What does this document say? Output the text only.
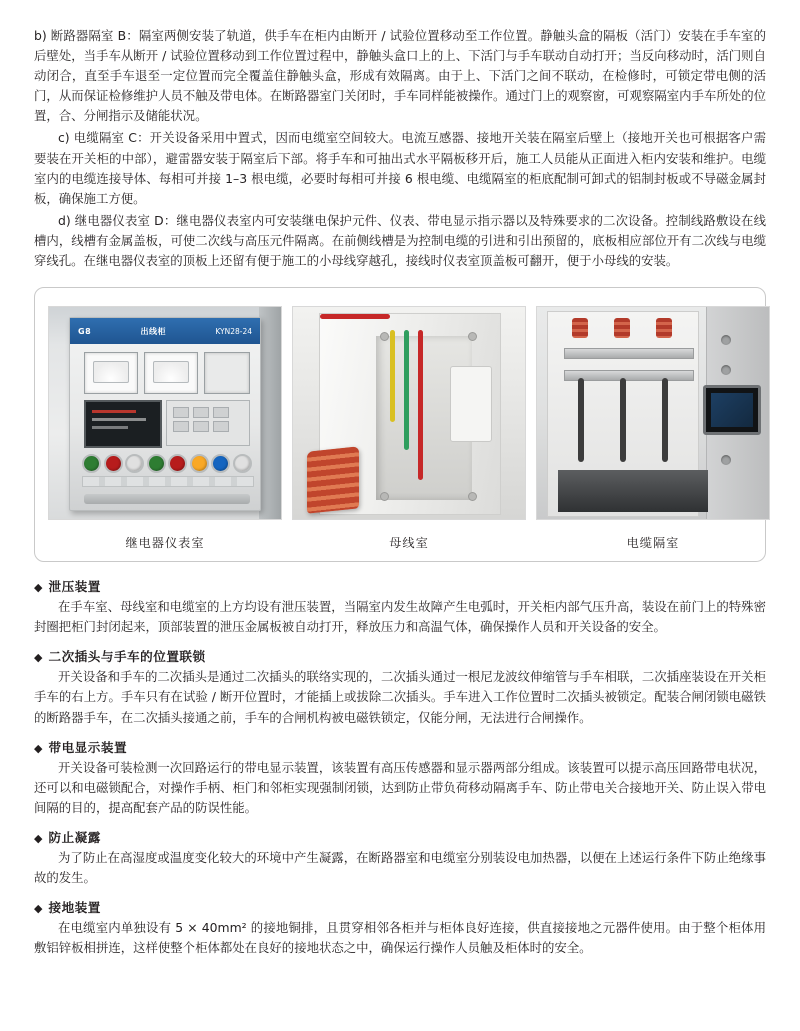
b) 断路器隔室 B：隔室两侧安装了轨道，供手车在柜内由断开 / 试验位置移动至工作位置。静触头盒的隔板（活门）安装在手车室的后壁处，当手车从断开 / 试验位置移动到工作位置过程中，静触头盒口上的上、下活门与手车联动自动打开；当反向移动时，活门则自动闭合，直至手车退至一定位置而完全覆盖住静触头盒，形成有效隔离。由于上、下活门之间不联动，在检修时，可锁定带电侧的活门，从而保证检修维护人员不触及带电体。在断路器室门关闭时，手车同样能被操作。通过门上的观察窗，可观察隔室内手车所处的位置，合、分闸指示及储能状况。

c) 电缆隔室 C：开关设备采用中置式，因而电缆室空间较大。电流互感器、接地开关装在隔室后壁上（接地开关也可根据客户需要装在开关柜的中部），避雷器安装于隔室后下部。将手车和可抽出式水平隔板移开后，施工人员能从正面进入柜内安装和维护。电缆室内的电缆连接导体、每相可并接 1–3 根电缆，必要时每相可并接 6 根电缆、电缆隔室的柜底配制可卸式的铝制封板或不导磁金属封板，确保施工方便。

d) 继电器仪表室 D：继电器仪表室内可安装继电保护元件、仪表、带电显示指示器以及特殊要求的二次设备。控制线路敷设在线槽内，线槽有金属盖板，可使二次线与高压元件隔离。在前侧线槽是为控制电缆的引进和引出预留的，底板相应部位开有二次线与电缆穿线孔。在继电器仪表室的顶板上还留有便于施工的小母线穿越孔，接线时仪表室顶盖板可翻开，便于小母线的安装。

G8	出线柜	KYN28-24
继电器仪表室	母线室	电缆隔室
◆ 泄压装置

在手车室、母线室和电缆室的上方均设有泄压装置，当隔室内发生故障产生电弧时，开关柜内部气压升高，装设在前门上的特殊密封圈把柜门封闭起来，顶部装置的泄压金属板被自动打开，释放压力和高温气体，确保操作人员和开关设备的安全。

◆ 二次插头与手车的位置联锁

开关设备和手车的二次插头是通过二次插头的联络实现的，二次插头通过一根尼龙波纹伸缩管与手车相联，二次插座装设在开关柜手车的右上方。手车只有在试验 / 断开位置时，才能插上或拔除二次插头。手车进入工作位置时二次插头被锁定。配装合闸闭锁电磁铁的断路器手车，在二次插头接通之前，手车的合闸机构被电磁铁锁定，仅能分闸，无法进行合闸操作。

◆ 带电显示装置

开关设备可装检测一次回路运行的带电显示装置，该装置有高压传感器和显示器两部分组成。该装置可以提示高压回路带电状况，还可以和电磁锁配合，对操作手柄、柜门和邻柜实现强制闭锁，达到防止带负荷移动隔离手车、防止带电关合接地开关、防止误入带电间隔的目的，提高配套产品的防误性能。

◆ 防止凝露

为了防止在高湿度或温度变化较大的环境中产生凝露，在断路器室和电缆室分别装设电加热器，以便在上述运行条件下防止绝缘事故的发生。

◆ 接地装置

在电缆室内单独设有 5 × 40mm² 的接地铜排，且贯穿相邻各柜并与柜体良好连接，供直接接地之元器件使用。由于整个柜体用敷铝锌板相拼连，这样使整个柜体都处在良好的接地状态之中，确保运行操作人员触及柜体时的安全。
